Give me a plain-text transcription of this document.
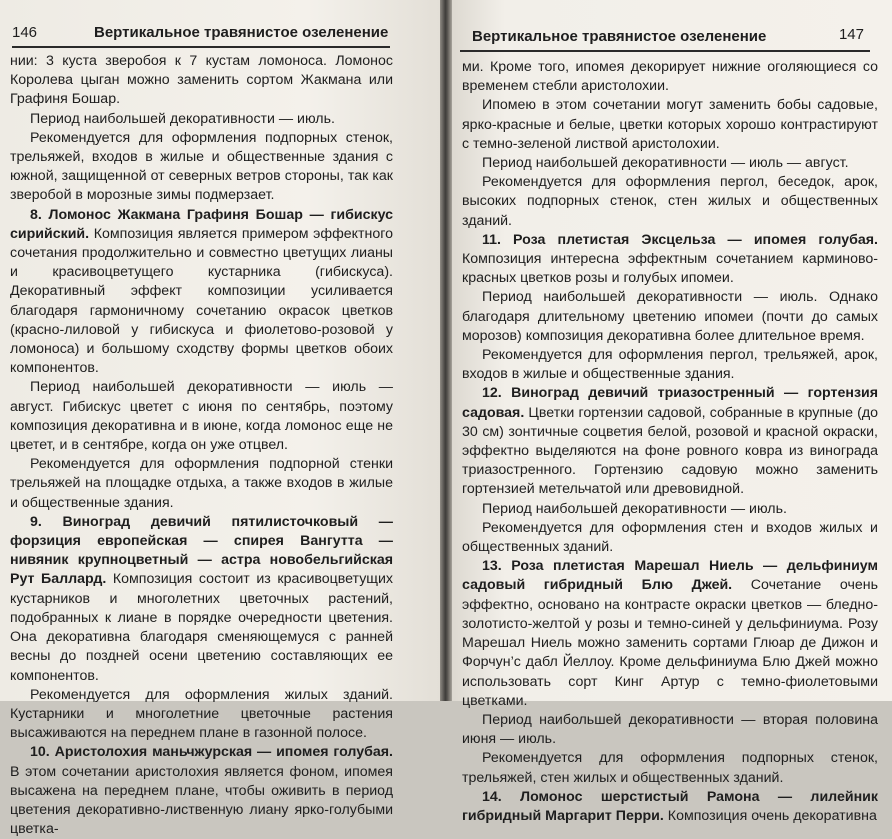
146	Вертикальное травянистое озеленение

нии: 3 куста зверобоя к 7 кустам ломоноса. Ломонос Королева цыган можно заменить сортом Жакмана или Графиня Бошар.

Период наибольшей декоративности — июль.

Рекомендуется для оформления подпорных стенок, трельяжей, входов в жилые и общественные здания с южной, защищенной от северных ветров стороны, так как зверобой в морозные зимы подмерзает.

8. Ломонос Жакмана Графиня Бошар — гибискус сирийский. Композиция является примером эффектного сочетания продолжительно и совместно цветущих лианы и красивоцветущего кустарника (гибискуса). Декоративный эффект композиции усиливается благодаря гармоничному сочетанию окрасок цветков (красно-лиловой у гибискуса и фиолетово-розовой у ломоноса) и большому сходству формы цветков обоих компонентов.

Период наибольшей декоративности — июль — август. Гибискус цветет с июня по сентябрь, поэтому композиция декоративна и в июне, когда ломонос еще не цветет, и в сентябре, когда он уже отцвел.

Рекомендуется для оформления подпорной стенки трельяжей на площадке отдыха, а также входов в жилые и общественные здания.

9. Виноград девичий пятилисточковый — форзиция европейская — спирея Вангутта — нивяник крупноцветный — астра новобельгийская Рут Баллард. Композиция состоит из красивоцветущих кустарников и многолетних цветочных растений, подобранных к лиане в порядке очередности цветения. Она декоративна благодаря сменяющемуся с ранней весны до поздней осени цветению составляющих ее компонентов.

Рекомендуется для оформления жилых зданий. Кустарники и многолетние цветочные растения высаживаются на переднем плане в газонной полосе.

10. Аристолохия маньчжурская — ипомея голубая. В этом сочетании аристолохия является фоном, ипомея высажена на переднем плане, чтобы оживить в период цветения декоративно-лиственную лиану ярко-голубыми цветка-

Вертикальное травянистое озеленение	147

ми. Кроме того, ипомея декорирует нижние оголяющиеся со временем стебли аристолохии.

Ипомею в этом сочетании могут заменить бобы садовые, ярко-красные и белые, цветки которых хорошо контрастируют с темно-зеленой листвой аристолохии.

Период наибольшей декоративности — июль — август.

Рекомендуется для оформления пергол, беседок, арок, высоких подпорных стенок, стен жилых и общественных зданий.

11. Роза плетистая Эксцельза — ипомея голубая. Композиция интересна эффектным сочетанием карминово-красных цветков розы и голубых ипомеи.

Период наибольшей декоративности — июль. Однако благодаря длительному цветению ипомеи (почти до самых морозов) композиция декоративна более длительное время.

Рекомендуется для оформления пергол, трельяжей, арок, входов в жилые и общественные здания.

12. Виноград девичий триазостренный — гортензия садовая. Цветки гортензии садовой, собранные в крупные (до 30 см) зонтичные соцветия белой, розовой и красной окраски, эффектно выделяются на фоне ровного ковра из винограда триазостренного. Гортензию садовую можно заменить гортензией метельчатой или древовидной.

Период наибольшей декоративности — июль.

Рекомендуется для оформления стен и входов жилых и общественных зданий.

13. Роза плетистая Марешал Ниель — дельфиниум садовый гибридный Блю Джей. Сочетание очень эффектно, основано на контрасте окраски цветков — бледно-золотисто-желтой у розы и темно-синей у дельфиниума. Розу Марешал Ниель можно заменить сортами Глюар де Дижон и Форчун’с дабл Йеллоу. Кроме дельфиниума Блю Джей можно использовать сорт Кинг Артур с темно-фиолетовыми цветками.

Период наибольшей декоративности — вторая половина июня — июль.

Рекомендуется для оформления подпорных стенок, трельяжей, стен жилых и общественных зданий.

14. Ломонос шерстистый Рамона — лилейник гибридный Маргарит Перри. Композиция очень декоративна
